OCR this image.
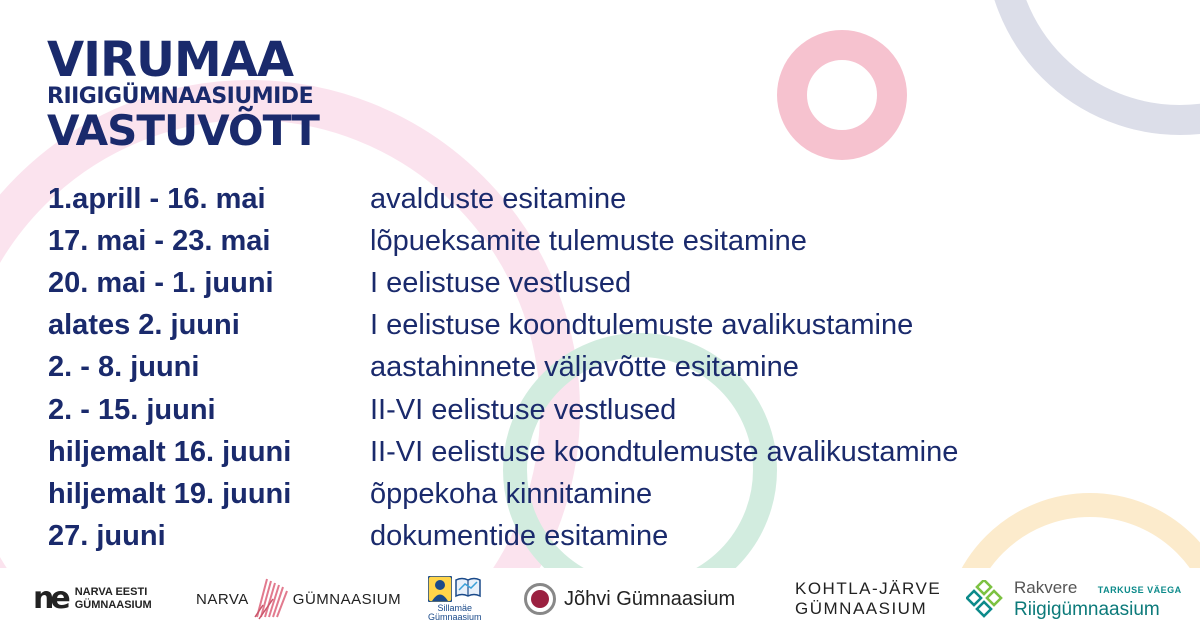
VIRUMAA
RIIGIGÜMNAASIUMIDE
VASTUVÕTT
1.aprill - 16. mai	avalduste esitamine
17. mai - 23. mai	lõpueksamite tulemuste esitamine
20. mai - 1. juuni	I eelistuse vestlused
alates 2. juuni	I eelistuse koondtulemuste avalikustamine
2. - 8. juuni	aastahinnete väljavõtte esitamine
2. - 15. juuni	II-VI eelistuse vestlused
hiljemalt 16. juuni	II-VI eelistuse koondtulemuste avalikustamine
hiljemalt 19. juuni	õppekoha kinnitamine
27. juuni	dokumentide esitamine
ne NARVA EESTI
GÜMNAASIUM	NARVA	GÜMNAASIUM
Sillamäe
Gümnaasium
Jõhvi Gümnaasium	KOHTLA-JÄRVE
GÜMNAASIUM
Rakvere TARKUSE VÄEGA
Riigigümnaasium
